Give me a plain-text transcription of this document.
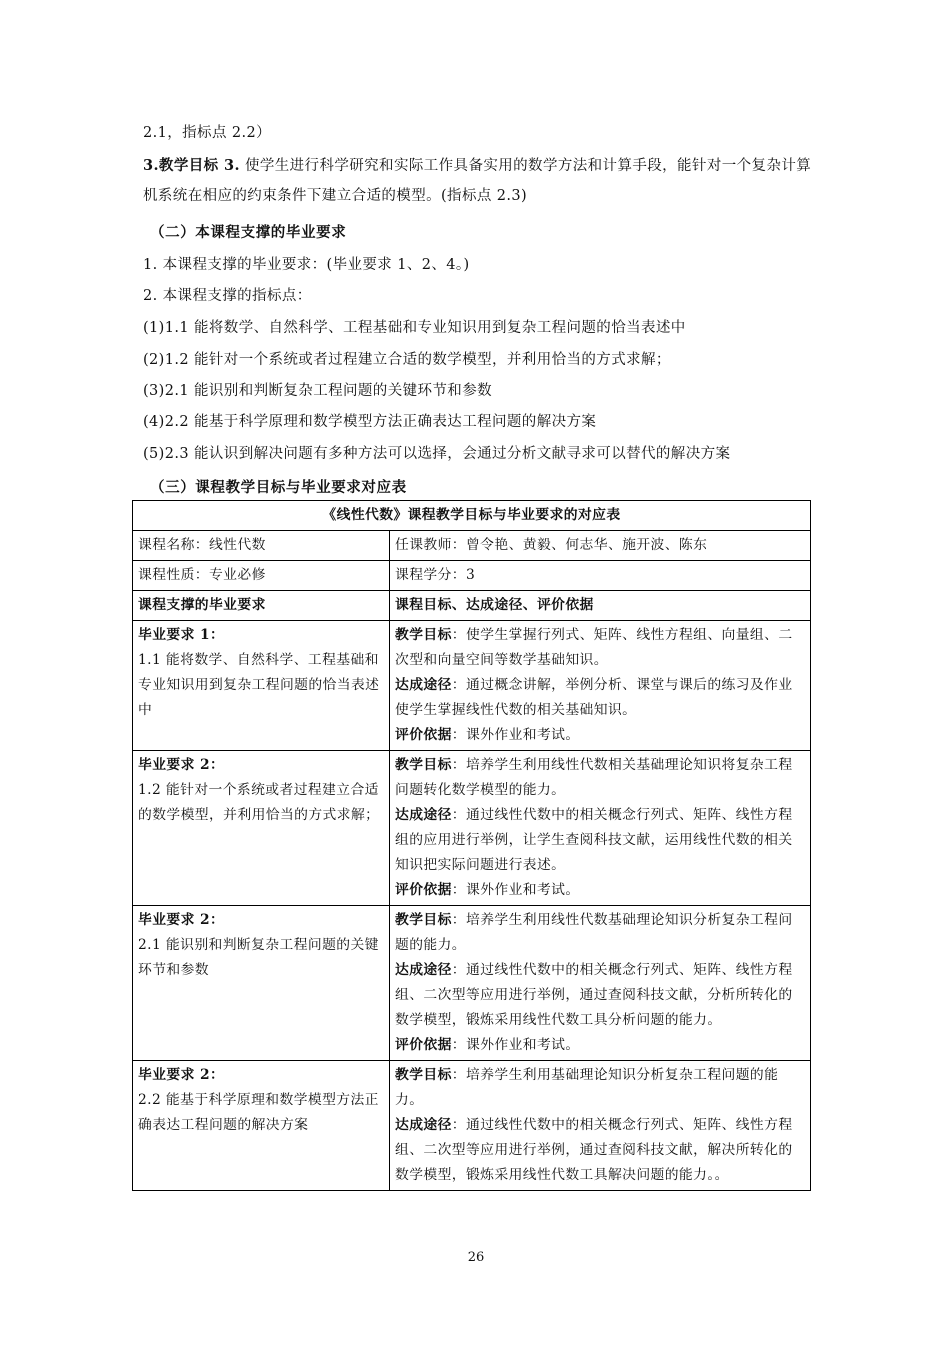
2.1，指标点 2.2）
3.教学目标 3. 使学生进行科学研究和实际工作具备实用的数学方法和计算手段，能针对一个复杂计算机系统在相应的约束条件下建立合适的模型。(指标点 2.3)
（二）本课程支撑的毕业要求
1. 本课程支撑的毕业要求：(毕业要求 1、2、4。)
2. 本课程支撑的指标点：
(1)1.1 能将数学、自然科学、工程基础和专业知识用到复杂工程问题的恰当表述中
(2)1.2 能针对一个系统或者过程建立合适的数学模型，并利用恰当的方式求解；
(3)2.1 能识别和判断复杂工程问题的关键环节和参数
(4)2.2 能基于科学原理和数学模型方法正确表达工程问题的解决方案
(5)2.3 能认识到解决问题有多种方法可以选择，会通过分析文献寻求可以替代的解决方案
（三）课程教学目标与毕业要求对应表
《线性代数》课程教学目标与毕业要求的对应表	
课程名称：线性代数	任课教师：曾令艳、黄毅、何志华、施开波、陈东
课程性质：专业必修	课程学分：3
课程支撑的毕业要求	课程目标、达成途径、评价依据

毕业要求 1：
1.1 能将数学、自然科学、工程基础和专业知识用到复杂工程问题的恰当表述中	教学目标：使学生掌握行列式、矩阵、线性方程组、向量组、二次型和向量空间等数学基础知识。
达成途径：通过概念讲解，举例分析、课堂与课后的练习及作业使学生掌握线性代数的相关基础知识。
评价依据：课外作业和考试。

毕业要求 2：
1.2 能针对一个系统或者过程建立合适的数学模型，并利用恰当的方式求解；	教学目标：培养学生利用线性代数相关基础理论知识将复杂工程问题转化数学模型的能力。
达成途径：通过线性代数中的相关概念行列式、矩阵、线性方程组的应用进行举例，让学生查阅科技文献，运用线性代数的相关知识把实际问题进行表述。
评价依据：课外作业和考试。

毕业要求 2：
2.1 能识别和判断复杂工程问题的关键环节和参数	教学目标：培养学生利用线性代数基础理论知识分析复杂工程问题的能力。
达成途径：通过线性代数中的相关概念行列式、矩阵、线性方程组、二次型等应用进行举例，通过查阅科技文献，分析所转化的数学模型，锻炼采用线性代数工具分析问题的能力。
评价依据：课外作业和考试。

毕业要求 2：
2.2 能基于科学原理和数学模型方法正确表达工程问题的解决方案	教学目标：培养学生利用基础理论知识分析复杂工程问题的能力。
达成途径：通过线性代数中的相关概念行列式、矩阵、线性方程组、二次型等应用进行举例，通过查阅科技文献，解决所转化的数学模型，锻炼采用线性代数工具解决问题的能力。。
26
